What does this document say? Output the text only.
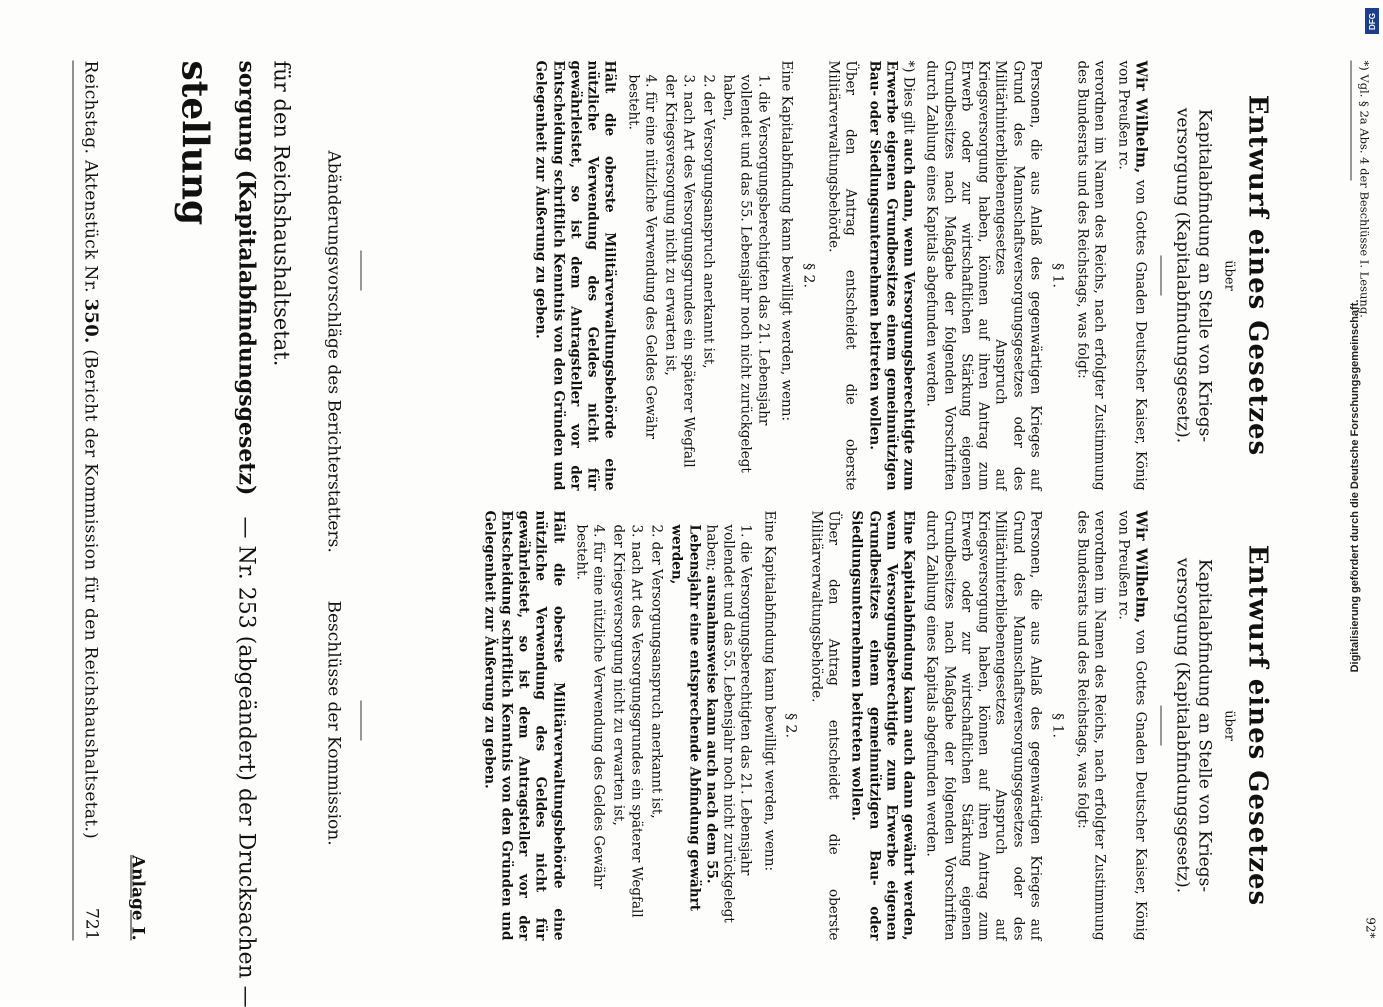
Reichstag. Aktenstück Nr. 350. (Bericht der Kommission für den Reichshaushaltsetat.)
721 Anlage I.
stellung sorgung (Kapitalabfindungsgesetz)   — Nr. 253 (abgeändert) der Drucksachen —
für den Reichshaushaltsetat. Abänderungsvorschläge des Berichterstatters.
Beschlüsse der Kommission.
Entwurf eines Gesetzes
über
Kapitalabfindung an Stelle von Kriegs- versorgung (Kapitalabfindungsgesetz).

Wir Wilhelm, von Gottes Gnaden Deutscher Kaiser, König von Preußen rc.

verordnen im Namen des Reichs, nach erfolgter Zustimmung des Bundesrats und des Reichstags, was folgt:

§ 1.

Personen, die aus Anlaß des gegenwärtigen Krieges auf Grund des Mannschaftsversorgungsgesetzes oder des Militärhinterbliebenengesetzes Anspruch auf Kriegsversorgung haben, können auf ihren Antrag zum Erwerb oder zur wirtschaftlichen Stärkung eigenen Grundbesitzes nach Maßgabe der folgenden Vorschriften durch Zahlung eines Kapitals abgefunden werden.

*) Dies gilt auch dann, wenn Versorgungsberechtigte zum Erwerbe eigenen Grundbesitzes einem gemeinnützigen Bau- oder Siedlungsunternehmen beitreten wollen.

Über den Antrag entscheidet die oberste Militärverwaltungsbehörde.

§ 2.

Eine Kapitalabfindung kann bewilligt werden, wenn:

1. die Versorgungsberechtigten das 21. Lebensjahr vollendet und das 55. Lebensjahr noch nicht zurückgelegt haben,
2. der Versorgungsanspruch anerkannt ist,
3. nach Art des Versorgungsgrundes ein späterer Wegfall der Kriegsversorgung nicht zu erwarten ist,
4. für eine nützliche Verwendung des Geldes Gewähr besteht.

Hält die oberste Militärverwaltungsbehörde eine nützliche Verwendung des Geldes nicht für gewährleistet, so ist dem Antragsteller vor der Entscheidung schriftlich Kenntnis von den Gründen und Gelegenheit zur Äußerung zu geben.

Entwurf eines Gesetzes
über
Kapitalabfindung an Stelle von Kriegs- versorgung (Kapitalabfindungsgesetz).

Wir Wilhelm, von Gottes Gnaden Deutscher Kaiser, König von Preußen rc.

verordnen im Namen des Reichs, nach erfolgter Zustimmung des Bundesrats und des Reichstags, was folgt:

§ 1.

Personen, die aus Anlaß des gegenwärtigen Krieges auf Grund des Mannschaftsversorgungsgesetzes oder des Militärhinterbliebenengesetzes Anspruch auf Kriegsversorgung haben, können auf ihren Antrag zum Erwerb oder zur wirtschaftlichen Stärkung eigenen Grundbesitzes nach Maßgabe der folgenden Vorschriften durch Zahlung eines Kapitals abgefunden werden.

Eine Kapitalabfindung kann auch dann gewährt werden, wenn Versorgungsberechtigte zum Erwerbe eigenen Grundbesitzes einem gemeinnützigen Bau- oder Siedlungsunternehmen beitreten wollen.

Über den Antrag entscheidet die oberste Militärverwaltungsbehörde.

§ 2.

Eine Kapitalabfindung kann bewilligt werden, wenn:

1. die Versorgungsberechtigten das 21. Lebensjahr vollendet und das 55. Lebensjahr noch nicht zurückgelegt haben; ausnahmsweise kann auch nach dem 55. Lebensjahr eine entsprechende Abfindung gewährt werden,
2. der Versorgungsanspruch anerkannt ist,
3. nach Art des Versorgungsgrundes ein späterer Wegfall der Kriegsversorgung nicht zu erwarten ist,
4. für eine nützliche Verwendung des Geldes Gewähr besteht.

Hält die oberste Militärverwaltungsbehörde eine nützliche Verwendung des Geldes nicht für gewährleistet, so ist dem Antragsteller vor der Entscheidung schriftlich Kenntnis von den Gründen und Gelegenheit zur Äußerung zu geben.

*) Vgl. § 2a Abs. 4 der Beschlüsse I. Lesung.
92*
Digitalisierung gefördert durch die Deutsche Forschungsgemeinschaft.
DFG
